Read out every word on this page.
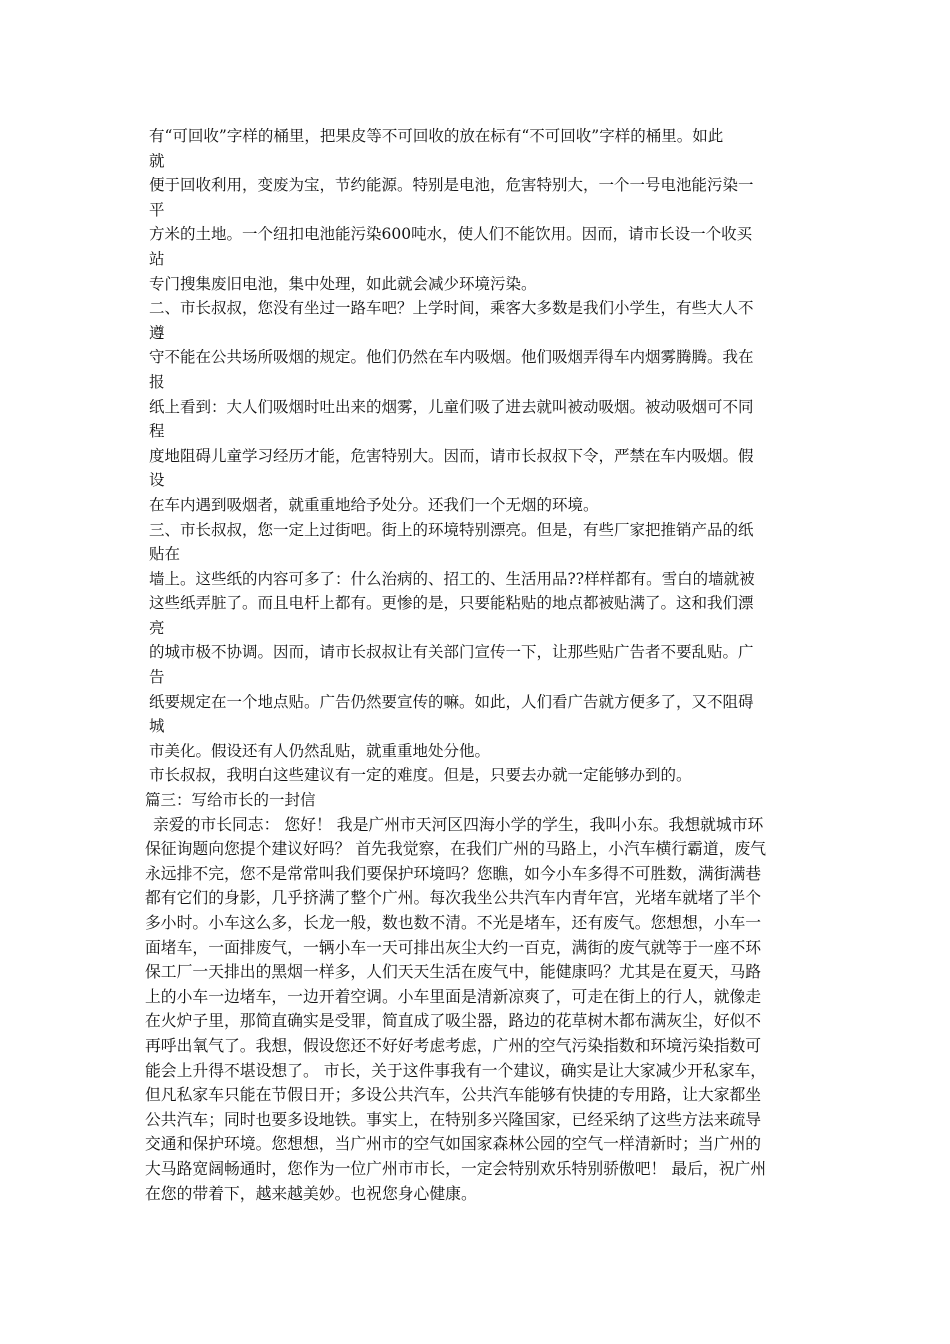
有“可回收”字样的桶里，把果皮等不可回收的放在标有“不可回收”字样的桶里。如此
就
便于回收利用，变废为宝，节约能源。特别是电池，危害特别大，一个一号电池能污染一
平
方米的土地。一个纽扣电池能污染600吨水，使人们不能饮用。因而，请市长设一个收买
站
专门搜集废旧电池，集中处理，如此就会减少环境污染。
二、市长叔叔，您没有坐过一路车吧？上学时间，乘客大多数是我们小学生，有些大人不
遵
守不能在公共场所吸烟的规定。他们仍然在车内吸烟。他们吸烟弄得车内烟雾腾腾。我在
报
纸上看到：大人们吸烟时吐出来的烟雾，儿童们吸了进去就叫被动吸烟。被动吸烟可不同
程
度地阻碍儿童学习经历才能，危害特别大。因而，请市长叔叔下令，严禁在车内吸烟。假
设
在车内遇到吸烟者，就重重地给予处分。还我们一个无烟的环境。
三、市长叔叔，您一定上过街吧。街上的环境特别漂亮。但是，有些厂家把推销产品的纸
贴在
墙上。这些纸的内容可多了：什么治病的、招工的、生活用品??样样都有。雪白的墙就被
这些纸弄脏了。而且电杆上都有。更惨的是，只要能粘贴的地点都被贴满了。这和我们漂
亮
的城市极不协调。因而，请市长叔叔让有关部门宣传一下，让那些贴广告者不要乱贴。广
告
纸要规定在一个地点贴。广告仍然要宣传的嘛。如此，人们看广告就方便多了，又不阻碍
城
市美化。假设还有人仍然乱贴，就重重地处分他。
市长叔叔，我明白这些建议有一定的难度。但是，只要去办就一定能够办到的。
篇三：写给市长的一封信
亲爱的市长同志： 您好！ 我是广州市天河区四海小学的学生，我叫小东。我想就城市环
保征询题向您提个建议好吗？ 首先我觉察，在我们广州的马路上，小汽车横行霸道，废气
永远排不完，您不是常常叫我们要保护环境吗？您瞧，如今小车多得不可胜数，满街满巷
都有它们的身影，几乎挤满了整个广州。每次我坐公共汽车内青年宫，光堵车就堵了半个
多小时。小车这么多，长龙一般，数也数不清。不光是堵车，还有废气。您想想，小车一
面堵车，一面排废气，一辆小车一天可排出灰尘大约一百克，满街的废气就等于一座不环
保工厂一天排出的黑烟一样多，人们天天生活在废气中，能健康吗？尤其是在夏天，马路
上的小车一边堵车，一边开着空调。小车里面是清新凉爽了，可走在街上的行人，就像走
在火炉子里，那简直确实是受罪，简直成了吸尘器，路边的花草树木都布满灰尘，好似不
再呼出氧气了。我想，假设您还不好好考虑考虑，广州的空气污染指数和环境污染指数可
能会上升得不堪设想了。 市长，关于这件事我有一个建议，确实是让大家减少开私家车，
但凡私家车只能在节假日开；多设公共汽车，公共汽车能够有快捷的专用路，让大家都坐
公共汽车；同时也要多设地铁。事实上，在特别多兴隆国家，已经采纳了这些方法来疏导
交通和保护环境。您想想，当广州市的空气如国家森林公园的空气一样清新时；当广州的
大马路宽阔畅通时，您作为一位广州市市长，一定会特别欢乐特别骄傲吧！ 最后，祝广州
在您的带着下，越来越美妙。也祝您身心健康。
